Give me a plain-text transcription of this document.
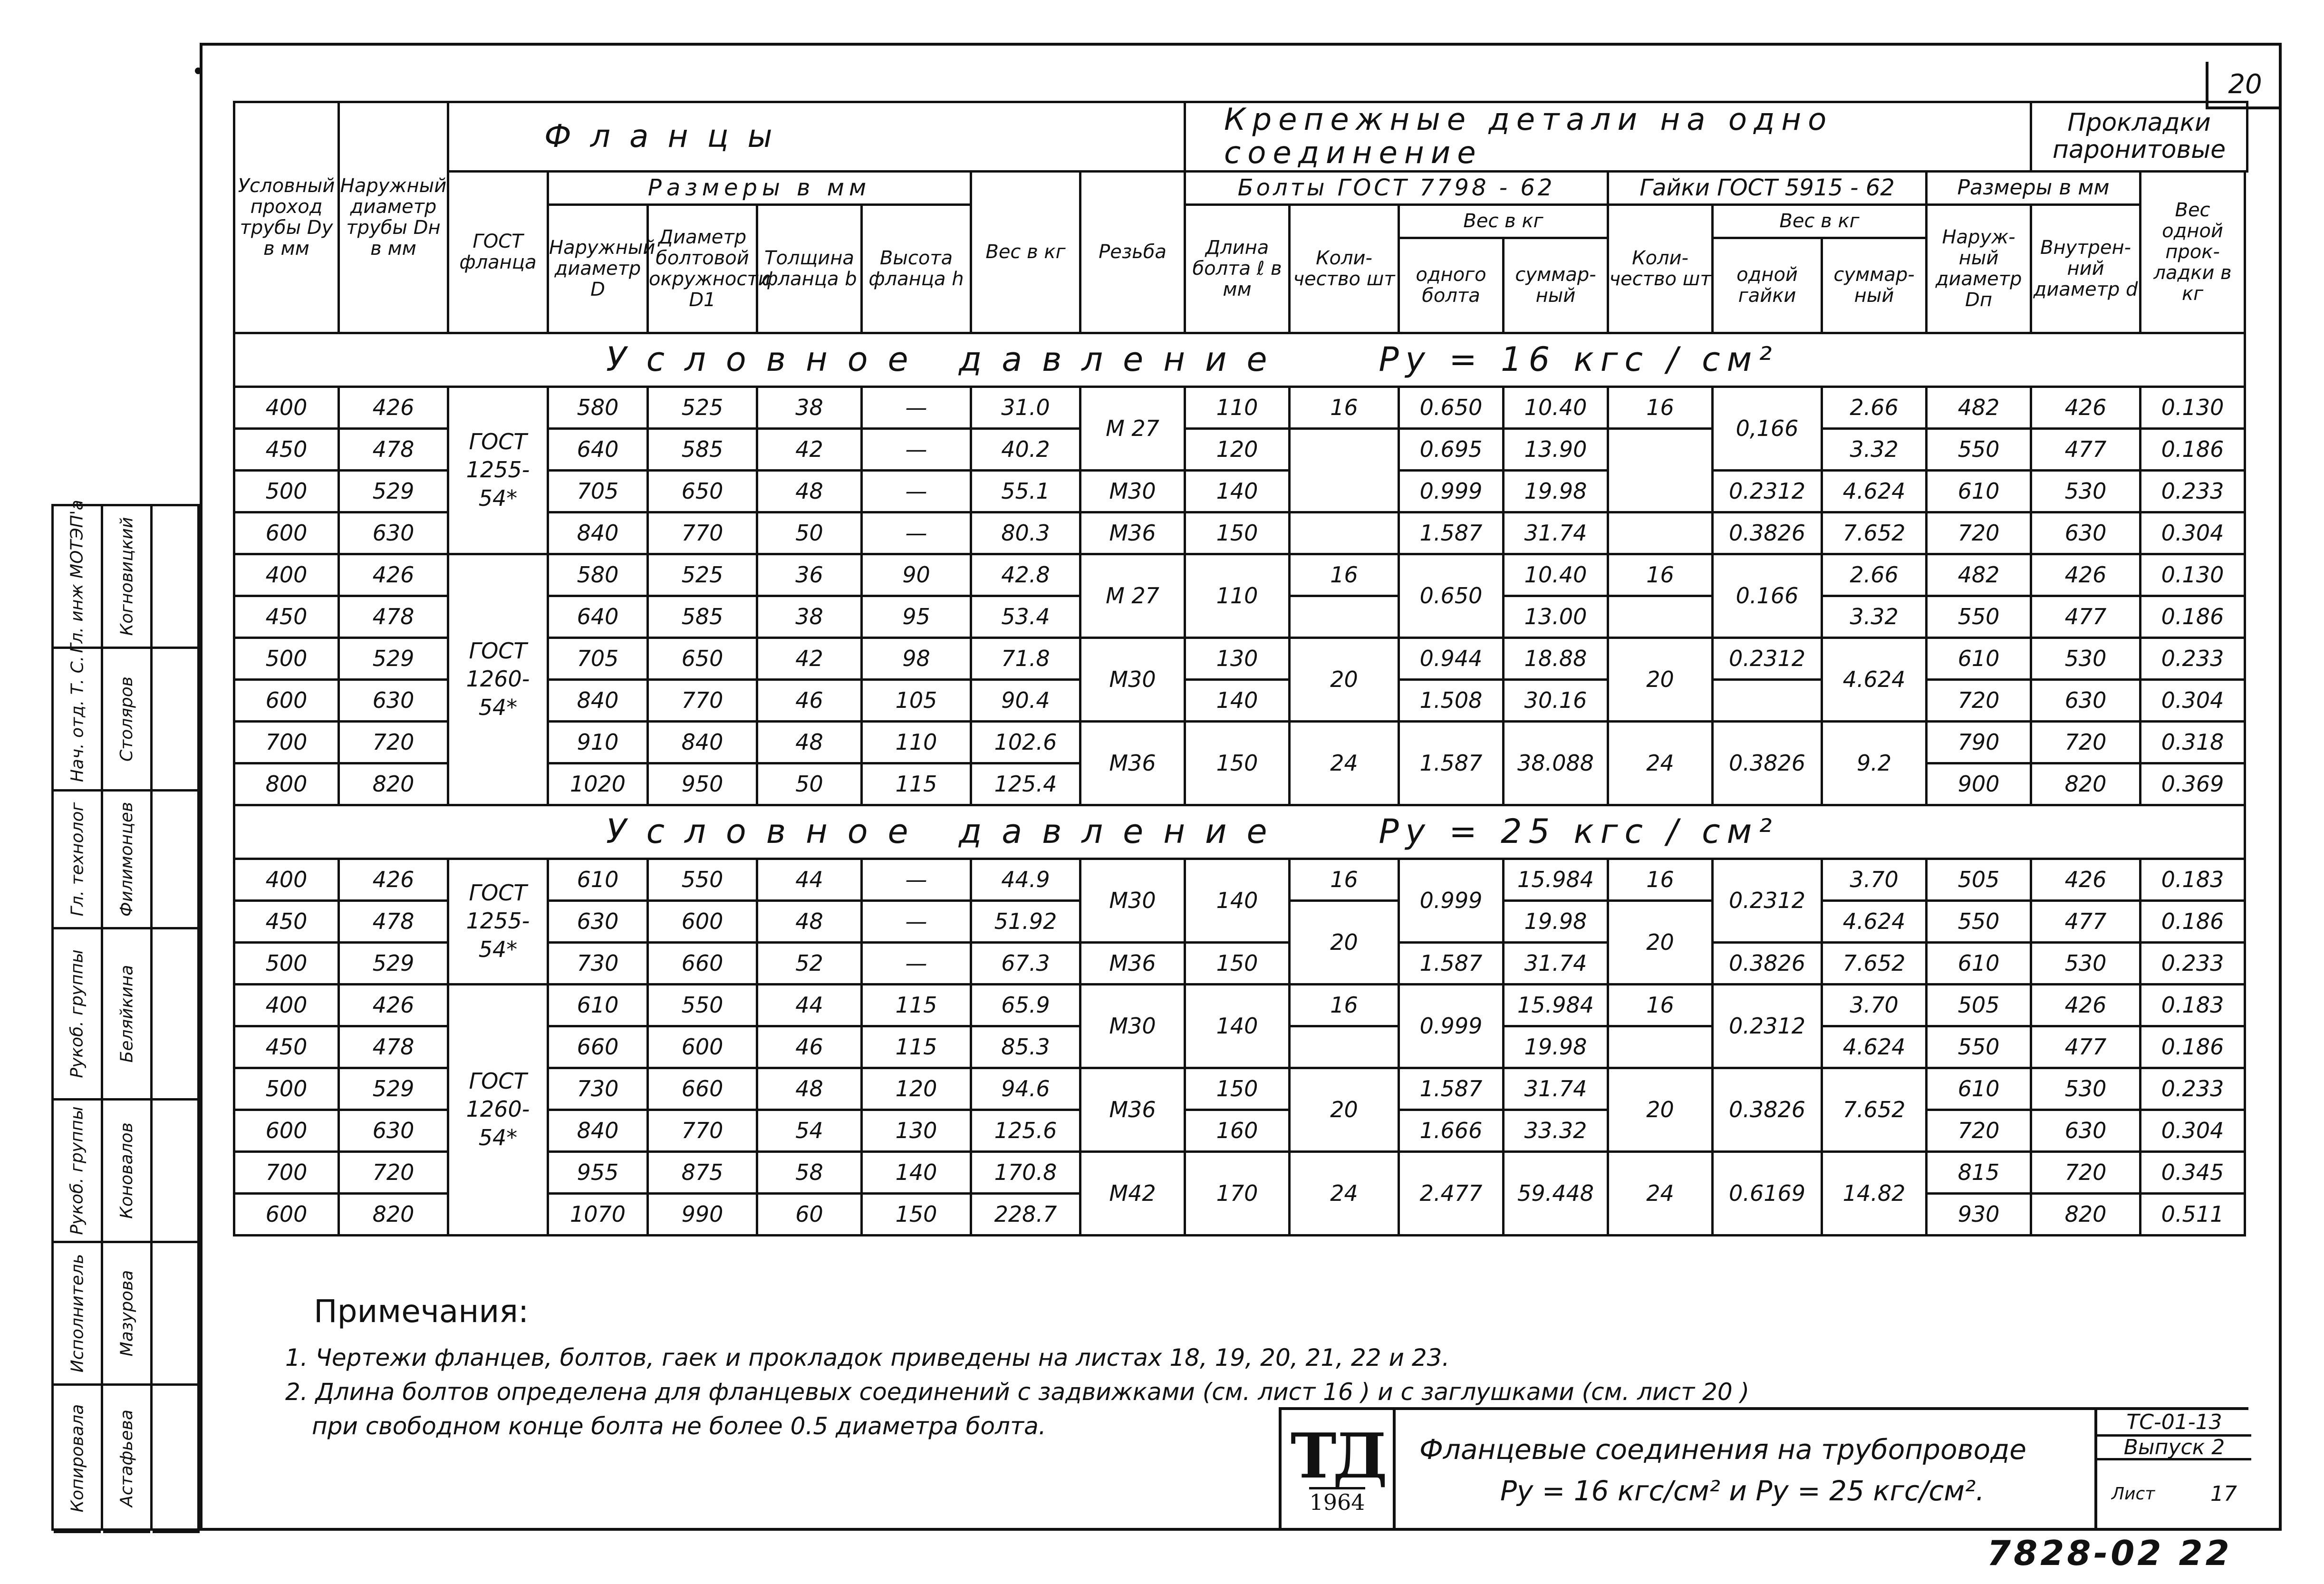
20
Условный проход трубы Dу в мм	Наружный диаметр трубы Dн в мм	Фланцы							Крепежные детали на одно соединение								Прокладки паронитовые	
		ГОСТ фланца	Размеры в мм				Вес в кг	Резьба	Болты ГОСТ 7798 - 62				Гайки ГОСТ 5915 - 62			Размеры в мм		Вес одной прок-ладки в кг
			Наружный диаметр D	Диаметр болтовой окружности D1	Толщина фланца b	Высота фланца h			Длина болта ℓ в мм	Коли-чество шт	Вес в кг		Коли-чество шт	Вес в кг		Наруж-ный диаметр Dп	Внутрен-ний диаметр d	
											одного болта	суммар-ный		одной гайки	суммар-ный			
Условное давление Ру = 16 кгс / см²																		
400	426	ГОСТ 1255-54*	580	525	38	—	31.0	M 27	110	16	0.650	10.40	16	0,166	2.66	482	426	0.130
450	478		640	585	42	—	40.2		120		0.695	13.90			3.32	550	477	0.186
500	529		705	650	48	—	55.1	M30	140		0.999	19.98		0.2312	4.624	610	530	0.233
600	630		840	770	50	—	80.3	M36	150		1.587	31.74		0.3826	7.652	720	630	0.304
400	426	ГОСТ 1260-54*	580	525	36	90	42.8	M 27	110	16	0.650	10.40	16	0.166	2.66	482	426	0.130
450	478		640	585	38	95	53.4					13.00			3.32	550	477	0.186
500	529		705	650	42	98	71.8	M30	130	20	0.944	18.88	20	0.2312	4.624	610	530	0.233
600	630		840	770	46	105	90.4		140		1.508	30.16				720	630	0.304
700	720		910	840	48	110	102.6	M36	150	24	1.587	38.088	24	0.3826	9.2	790	720	0.318
800	820		1020	950	50	115	125.4									900	820	0.369
Условное давление Ру = 25 кгс / см²																		
400	426	ГОСТ 1255-54*	610	550	44	—	44.9	M30	140	16	0.999	15.984	16	0.2312	3.70	505	426	0.183
450	478		630	600	48	—	51.92			20		19.98	20		4.624	550	477	0.186
500	529		730	660	52	—	67.3	M36	150		1.587	31.74		0.3826	7.652	610	530	0.233
400	426	ГОСТ 1260-54*	610	550	44	115	65.9	M30	140	16	0.999	15.984	16	0.2312	3.70	505	426	0.183
450	478		660	600	46	115	85.3					19.98			4.624	550	477	0.186
500	529		730	660	48	120	94.6	M36	150	20	1.587	31.74	20	0.3826	7.652	610	530	0.233
600	630		840	770	54	130	125.6		160		1.666	33.32				720	630	0.304
700	720		955	875	58	140	170.8	M42	170	24	2.477	59.448	24	0.6169	14.82	815	720	0.345
600	820		1070	990	60	150	228.7									930	820	0.511
Гл. инж МОТЭП'а
Нач. отд. Т. С.
Гл. технолог
Рукоб. группы
Рукоб. группы
Исполнитель
Копировала
Когновицкий
Столяров
Филимонцев
Беляйкина
Коновалов
Мазурова
Астафьева
Примечания:
1. Чертежи фланцев, болтов, гаек и прокладок приведены на листах 18, 19, 20, 21, 22 и 23.
2. Длина болтов определена для фланцевых соединений с задвижками (см. лист 16 ) и с заглушками (см. лист 20 )
при свободном конце болта не более 0.5 диаметра болта.	ТД
1964
Фланцевые соединения на трубопроводе
Ру = 16 кгс/см² и Ру = 25 кгс/см².
ТС-01-13
Выпуск 2
Лист	17
7828-02 22
